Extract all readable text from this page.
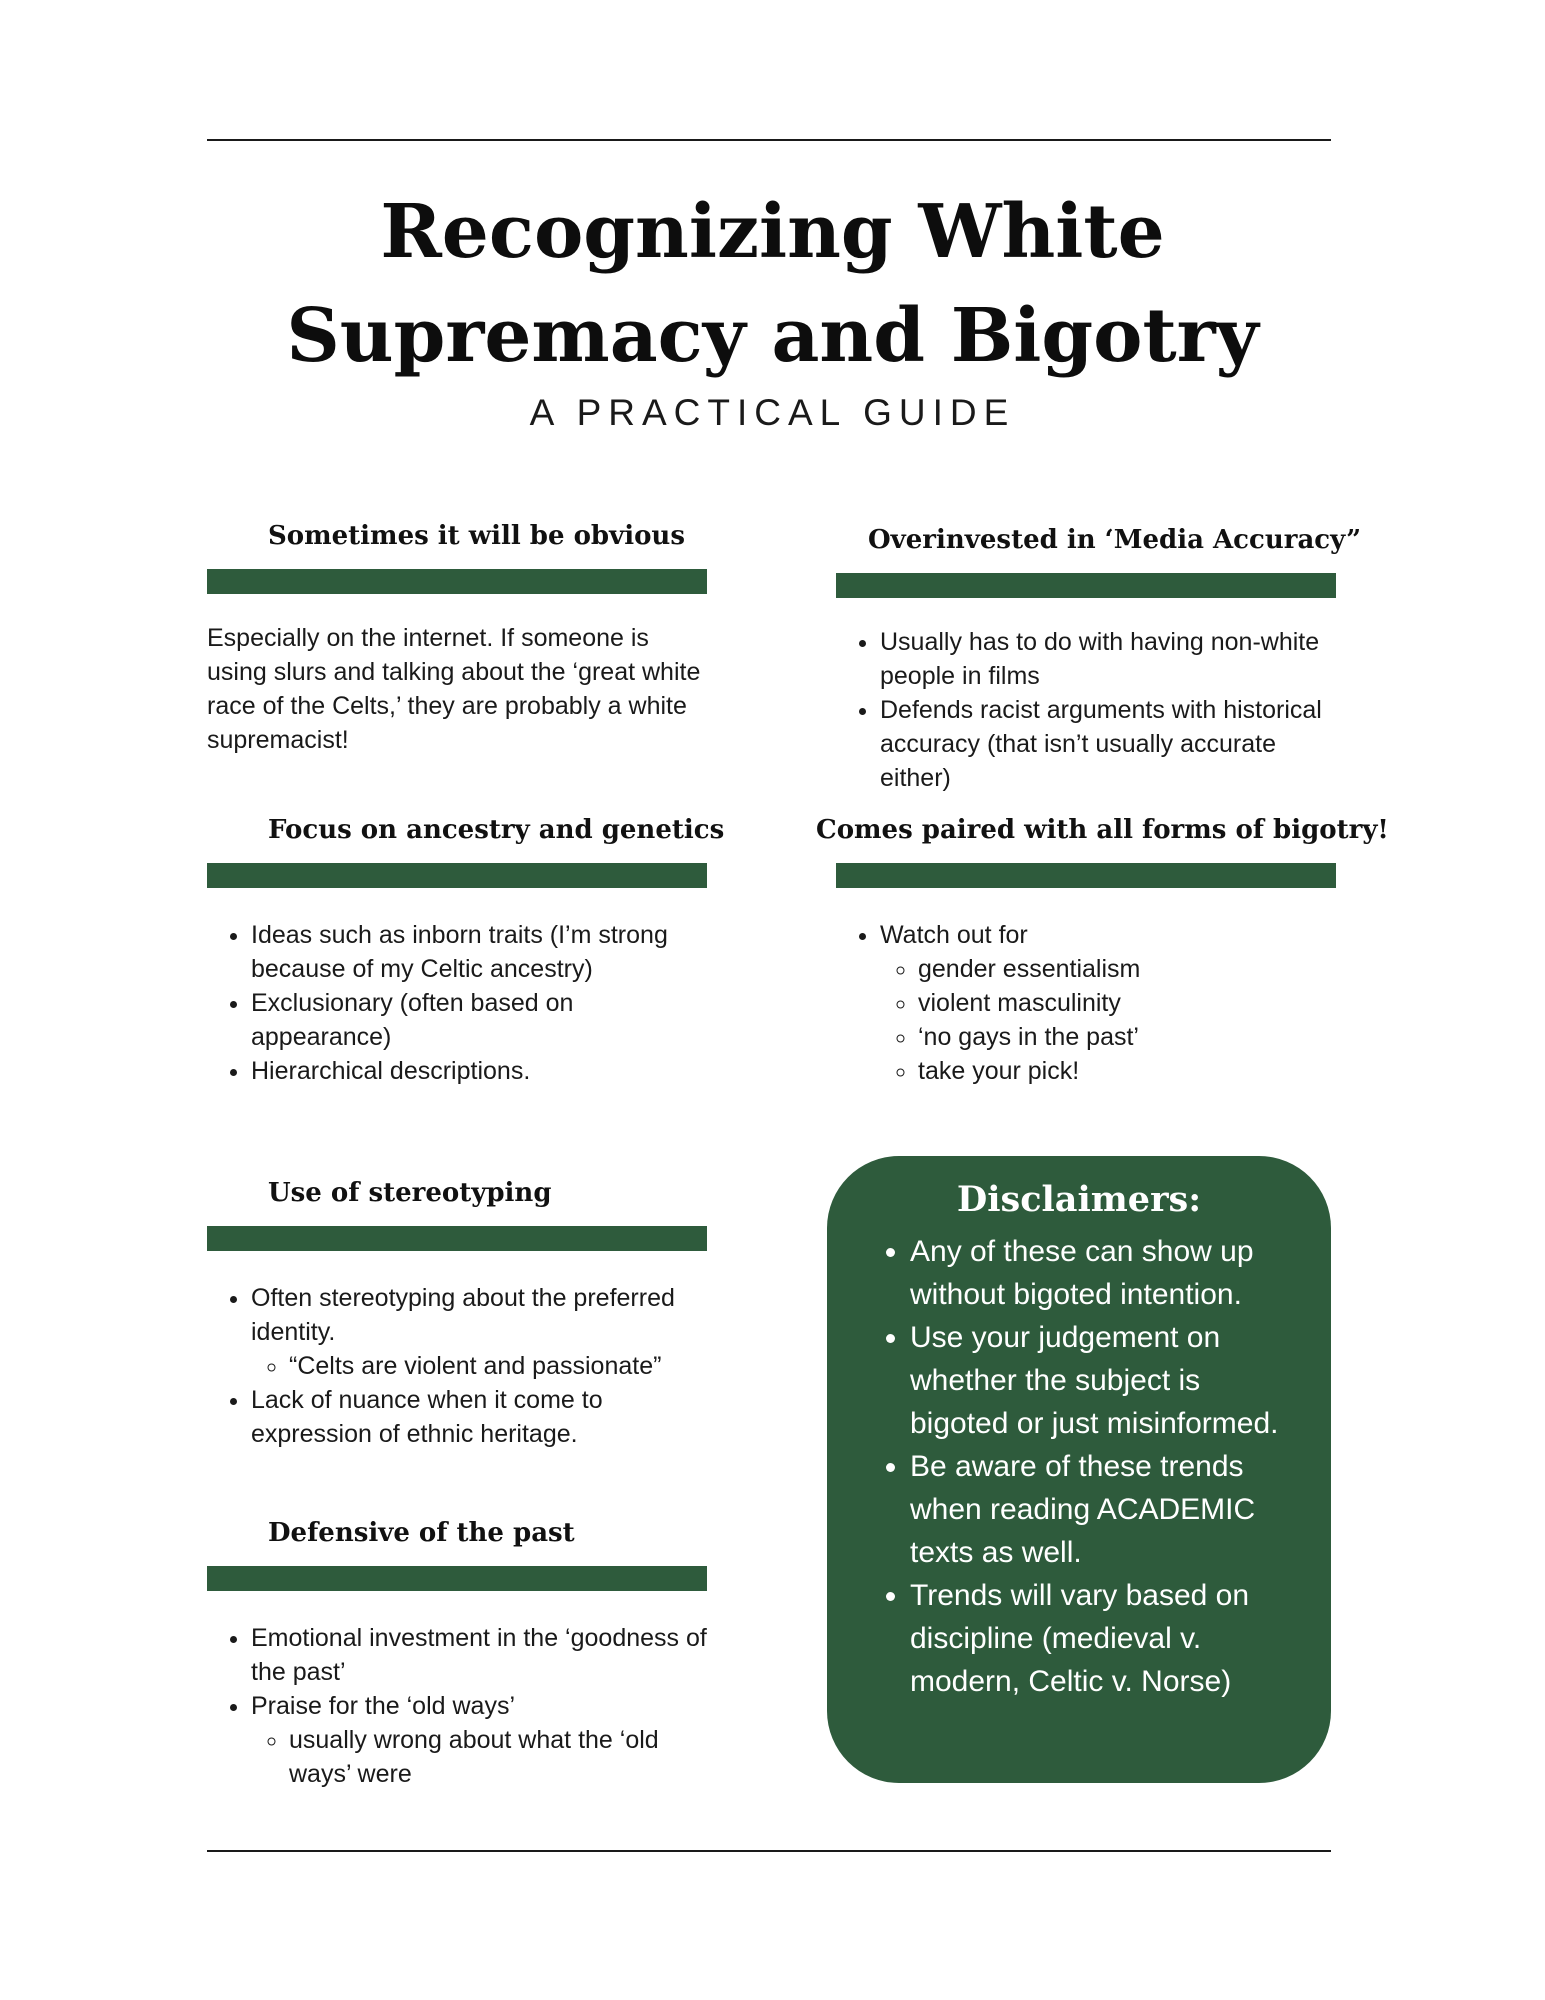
Recognizing White
Supremacy and Bigotry
A PRACTICAL GUIDE
Sometimes it will be obvious

Especially on the internet. If someone is using slurs and talking about the ‘great white race of the Celts,’ they are probably a white supremacist!

Overinvested in ‘Media Accuracy”
• Usually has to do with having non-white people in films
• Defends racist arguments with historical accuracy (that isn’t usually accurate either)
Focus on ancestry and genetics
• Ideas such as inborn traits (I’m strong because of my Celtic ancestry)
• Exclusionary (often based on appearance)
• Hierarchical descriptions.
Comes paired with all forms of bigotry!
• Watch out for
◦ gender essentialism
◦ violent masculinity
◦ ‘no gays in the past’
◦ take your pick!
Use of stereotyping
• Often stereotyping about the preferred identity.
◦ “Celts are violent and passionate”
• Lack of nuance when it come to expression of ethnic heritage.
Defensive of the past
• Emotional investment in the ‘goodness of the past’
• Praise for the ‘old ways’
◦ usually wrong about what the ‘old ways’ were
Disclaimers:
• Any of these can show up without bigoted intention.
• Use your judgement on whether the subject is bigoted or just misinformed.
• Be aware of these trends when reading ACADEMIC texts as well.
• Trends will vary based on discipline (medieval v. modern, Celtic v. Norse)
